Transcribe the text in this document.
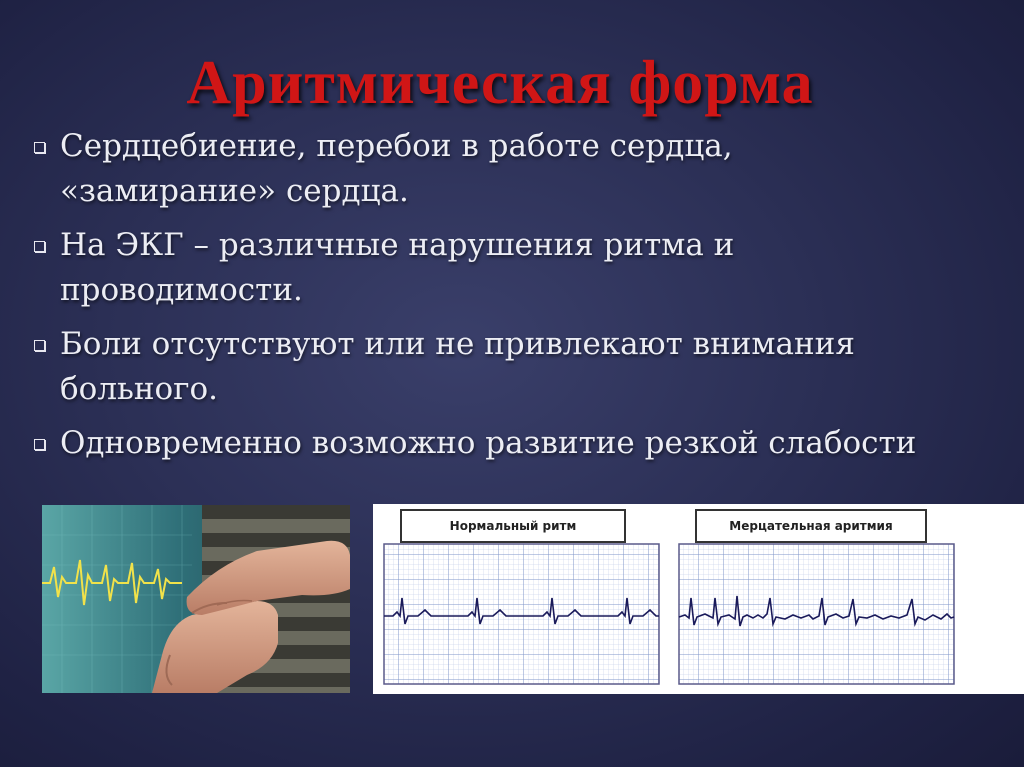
Аритмическая форма
Сердцебиение, перебои в работе сердца,
«замирание» сердца.
На ЭКГ – различные нарушения ритма и
проводимости.
Боли отсутствуют или не привлекают внимания
больного.
Одновременно возможно развитие резкой слабости
Нормальный ритм	Мерцательная аритмия
